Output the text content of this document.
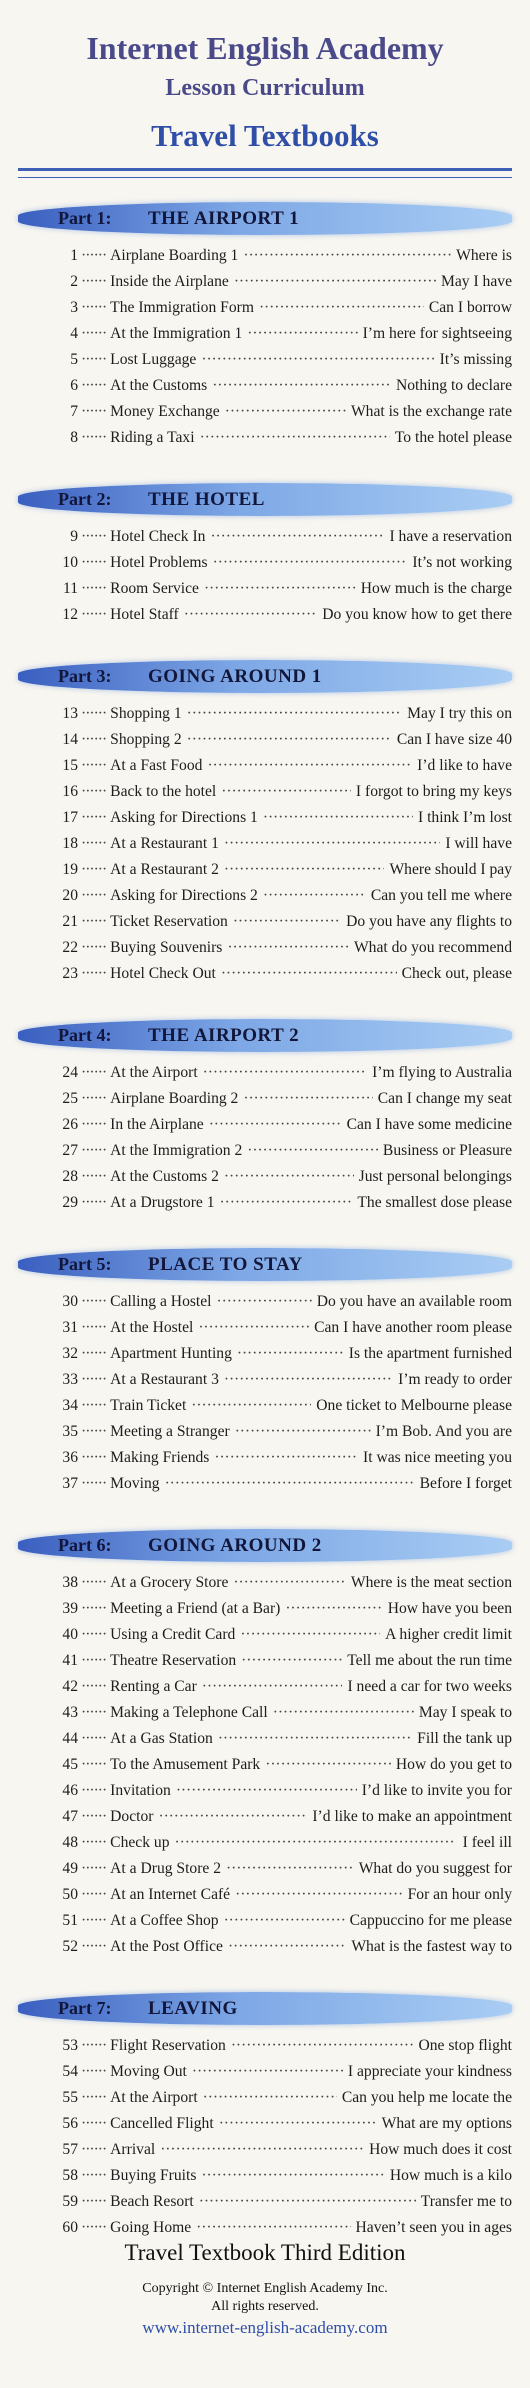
Internet English Academy
Lesson Curriculum
Travel Textbooks
Part 1: THE AIRPORT 1
1 ······ Airplane Boarding 1 · · ·	Where is
2 ······ Inside the Airplane · · ·	May I have
3 ······ The Immigration Form · · ·	Can I borrow
4 ······ At the Immigration 1 · · ·	I’m here for sightseeing
5 ······ Lost Luggage · · ·	It’s missing
6 ······ At the Customs · · ·	Nothing to declare
7 ······ Money Exchange · · ·	What is the exchange rate
8 ······ Riding a Taxi · · ·	To the hotel please
Part 2: THE HOTEL
9 ······ Hotel Check In · · ·	I have a reservation
10 ······ Hotel Problems · · ·	It’s not working
11 ······ Room Service · · ·	How much is the charge
12 ······ Hotel Staff · · ·	Do you know how to get there
Part 3: GOING AROUND 1
13 ······ Shopping 1 · · ·	May I try this on
14 ······ Shopping 2 · · ·	Can I have size 40
15 ······ At a Fast Food · · ·	I’d like to have
16 ······ Back to the hotel · · ·	I forgot to bring my keys
17 ······ Asking for Directions 1 · · ·	I think I’m lost
18 ······ At a Restaurant 1 · · ·	I will have
19 ······ At a Restaurant 2 · · ·	Where should I pay
20 ······ Asking for Directions 2 · · ·	Can you tell me where
21 ······ Ticket Reservation · · ·	Do you have any flights to
22 ······ Buying Souvenirs · · ·	What do you recommend
23 ······ Hotel Check Out · · ·	Check out, please
Part 4: THE AIRPORT 2
24 ······ At the Airport · · ·	I’m flying to Australia
25 ······ Airplane Boarding 2 · · ·	Can I change my seat
26 ······ In the Airplane · · ·	Can I have some medicine
27 ······ At the Immigration 2 · · ·	Business or Pleasure
28 ······ At the Customs 2 · · ·	Just personal belongings
29 ······ At a Drugstore 1 · · ·	The smallest dose please
Part 5: PLACE TO STAY
30 ······ Calling a Hostel · · ·	Do you have an available room
31 ······ At the Hostel · · ·	Can I have another room please
32 ······ Apartment Hunting · · ·	Is the apartment furnished
33 ······ At a Restaurant 3 · · ·	I’m ready to order
34 ······ Train Ticket · · ·	One ticket to Melbourne please
35 ······ Meeting a Stranger · · ·	I’m Bob. And you are
36 ······ Making Friends · · ·	It was nice meeting you
37 ······ Moving · · ·	Before I forget
Part 6: GOING AROUND 2
38 ······ At a Grocery Store · · ·	Where is the meat section
39 ······ Meeting a Friend (at a Bar) · · ·	How have you been
40 ······ Using a Credit Card · · ·	A higher credit limit
41 ······ Theatre Reservation · · ·	Tell me about the run time
42 ······ Renting a Car · · ·	I need a car for two weeks
43 ······ Making a Telephone Call · · ·	May I speak to
44 ······ At a Gas Station · · ·	Fill the tank up
45 ······ To the Amusement Park · · ·	How do you get to
46 ······ Invitation · · ·	I’d like to invite you for
47 ······ Doctor · · ·	I’d like to make an appointment
48 ······ Check up · · ·	I feel ill
49 ······ At a Drug Store 2 · · ·	What do you suggest for
50 ······ At an Internet Café · · ·	For an hour only
51 ······ At a Coffee Shop · · ·	Cappuccino for me please
52 ······ At the Post Office · · ·	What is the fastest way to
Part 7: LEAVING
53 ······ Flight Reservation · · ·	One stop flight
54 ······ Moving Out · · ·	I appreciate your kindness
55 ······ At the Airport · · ·	Can you help me locate the
56 ······ Cancelled Flight · · ·	What are my options
57 ······ Arrival · · ·	How much does it cost
58 ······ Buying Fruits · · ·	How much is a kilo
59 ······ Beach Resort · · ·	Transfer me to
60 ······ Going Home · · ·	Haven’t seen you in ages
Travel Textbook Third Edition
Copyright © Internet English Academy Inc.
All rights reserved.
www.internet-english-academy.com
